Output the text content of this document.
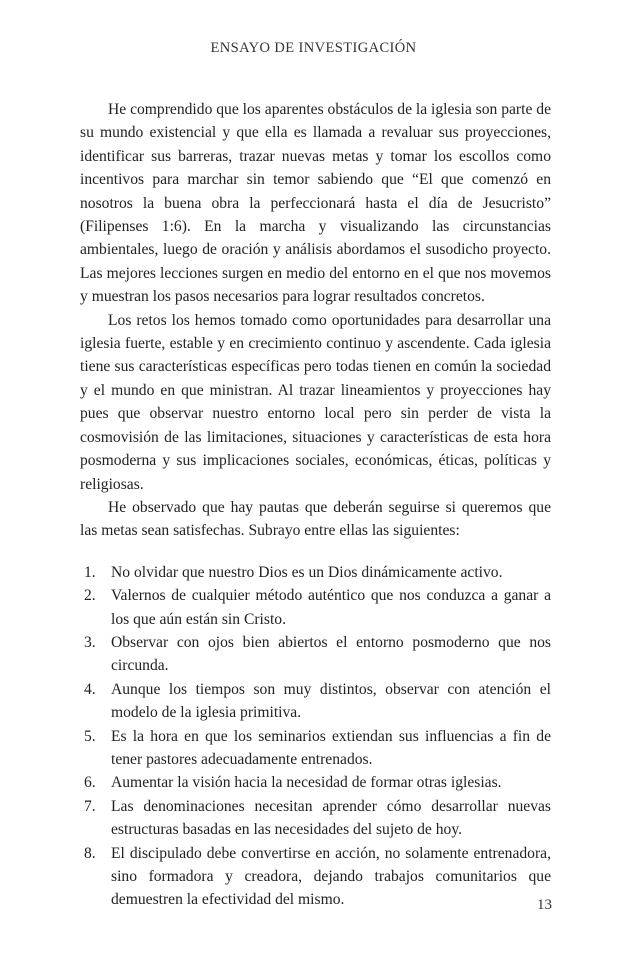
ENSAYO DE INVESTIGACIÓN

He comprendido que los aparentes obstáculos de la iglesia son parte de su mundo existencial y que ella es llamada a revaluar sus proyecciones, identificar sus barreras, trazar nuevas metas y tomar los escollos como incentivos para marchar sin temor sabiendo que “El que comenzó en nosotros la buena obra la perfeccionará hasta el día de Jesucristo” (Filipenses 1:6). En la marcha y visualizando las circunstancias ambientales, luego de oración y análisis abordamos el susodicho proyecto. Las mejores lecciones surgen en medio del entorno en el que nos movemos y muestran los pasos necesarios para lograr resultados concretos.

Los retos los hemos tomado como oportunidades para desarrollar una iglesia fuerte, estable y en crecimiento continuo y ascendente. Cada iglesia tiene sus características específicas pero todas tienen en común la sociedad y el mundo en que ministran. Al trazar lineamientos y proyecciones hay pues que observar nuestro entorno local pero sin perder de vista la cosmovisión de las limitaciones, situaciones y características de esta hora posmoderna y sus implicaciones sociales, económicas, éticas, políticas y religiosas.

He observado que hay pautas que deberán seguirse si queremos que las metas sean satisfechas. Subrayo entre ellas las siguientes:

1. No olvidar que nuestro Dios es un Dios dinámicamente activo.
2. Valernos de cualquier método auténtico que nos conduzca a ganar a los que aún están sin Cristo.
3. Observar con ojos bien abiertos el entorno posmoderno que nos circunda.
4. Aunque los tiempos son muy distintos, observar con atención el modelo de la iglesia primitiva.
5. Es la hora en que los seminarios extiendan sus influencias a fin de tener pastores adecuadamente entrenados.
6. Aumentar la visión hacia la necesidad de formar otras iglesias.
7. Las denominaciones necesitan aprender cómo desarrollar nuevas estructuras basadas en las necesidades del sujeto de hoy.
8. El discipulado debe convertirse en acción, no solamente entrenadora, sino formadora y creadora, dejando trabajos comunitarios que demuestren la efectividad del mismo.	13
